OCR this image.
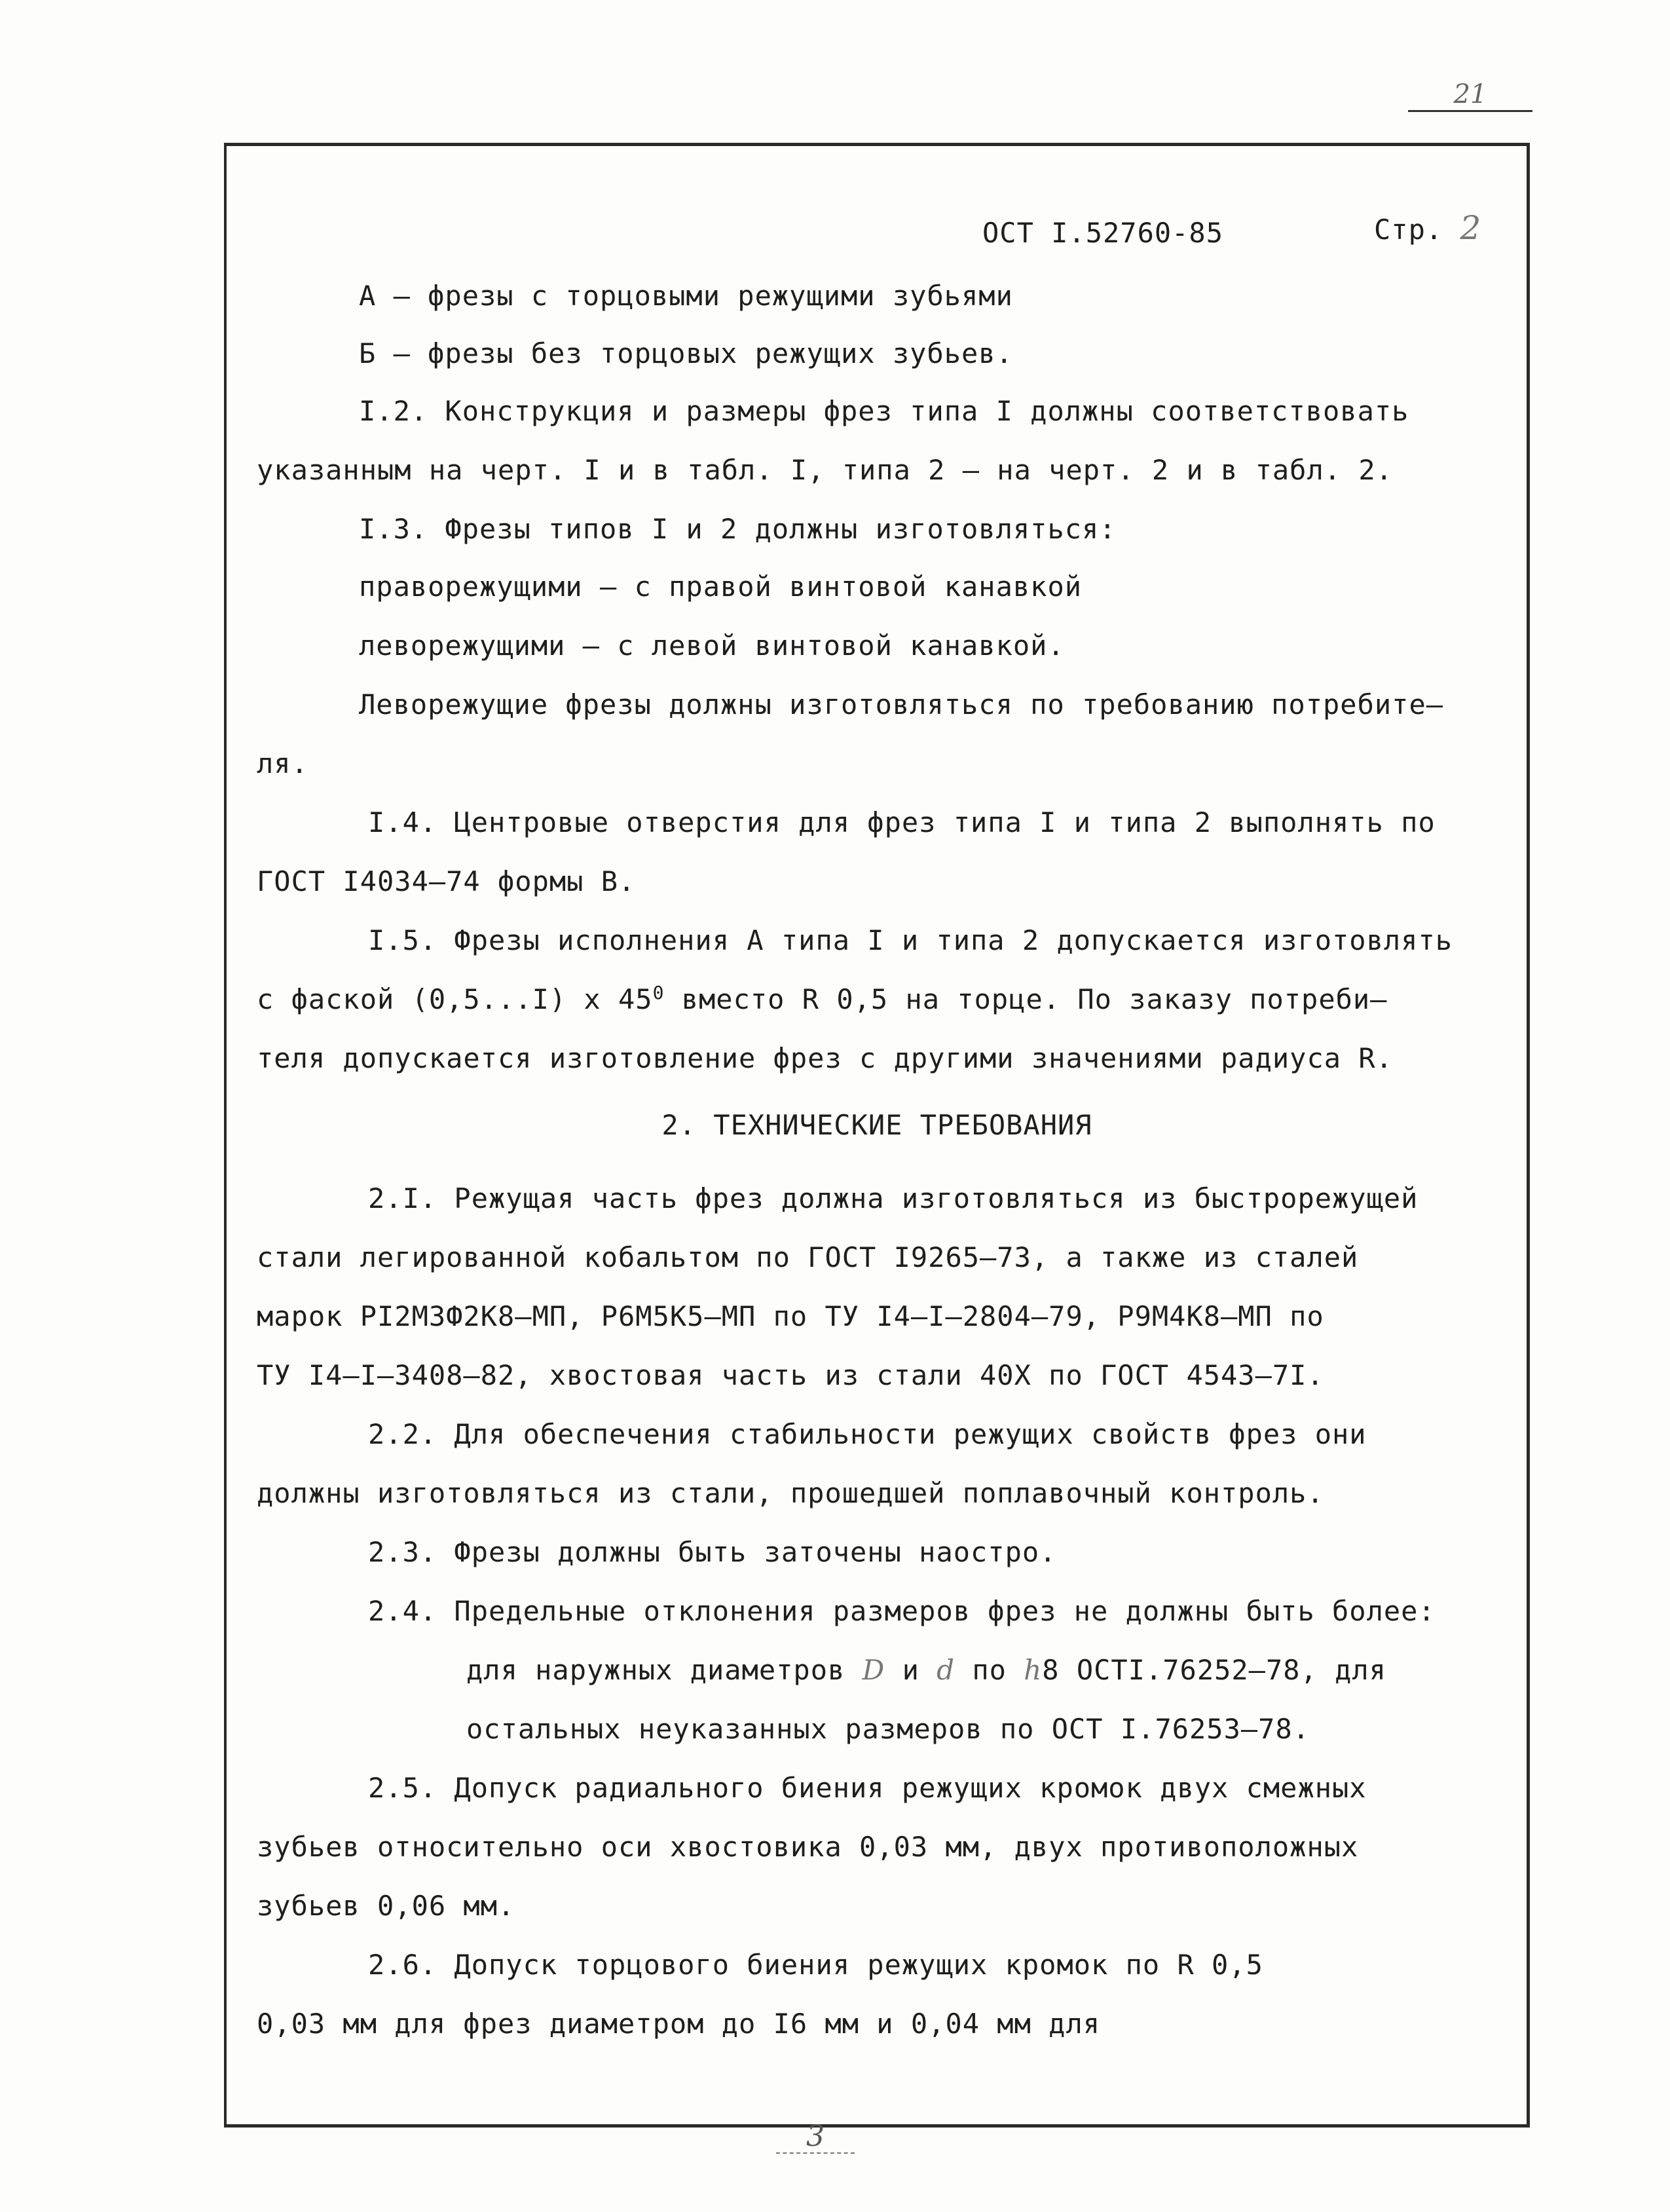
21
ОСТ I.52760-85	Стр. 2
А – фрезы с торцовыми режущими зубьями
Б – фрезы без торцовых режущих зубьев.
I.2. Конструкция и размеры фрез типа I должны соответствовать
указанным на черт. I и в табл. I, типа 2 – на черт. 2 и в табл. 2.
I.3. Фрезы типов I и 2 должны изготовляться:
праворежущими – с правой винтовой канавкой
леворежущими – с левой винтовой канавкой.
Леворежущие фрезы должны изготовляться по требованию потребите–
ля.
I.4. Центровые отверстия для фрез типа I и типа 2 выполнять по
ГОСТ I4034–74 формы В.
I.5. Фрезы исполнения А типа I и типа 2 допускается изготовлять
с фаской (0,5...I) x $45^0$ вместо R 0,5 на торце. По заказу потреби–
теля допускается изготовление фрез с другими значениями радиуса R.
2. ТЕХНИЧЕСКИЕ ТРЕБОВАНИЯ
2.I. Режущая часть фрез должна изготовляться из быстрорежущей
стали легированной кобальтом по ГОСТ I9265–73, а также из сталей
марок PI2M3Ф2K8–MП, P6M5K5–MП по ТУ I4–I–2804–79, P9M4K8–MП по
ТУ I4–I–3408–82, хвостовая часть из стали 40X по ГОСТ 4543–7I.
2.2. Для обеспечения стабильности режущих свойств фрез они
должны изготовляться из стали, прошедшей поплавочный контроль.
2.3. Фрезы должны быть заточены наостро.
2.4. Предельные отклонения размеров фрез не должны быть более:
для наружных диаметров D и d по h8 ОСТI.76252–78, для
остальных неуказанных размеров по ОСТ I.76253–78.
2.5. Допуск радиального биения режущих кромок двух смежных
зубьев относительно оси хвостовика 0,03 мм, двух противоположных
зубьев 0,06 мм.
2.6. Допуск торцового биения режущих кромок по R 0,5
0,03 мм для фрез диаметром до I6 мм и 0,04 мм для
3
